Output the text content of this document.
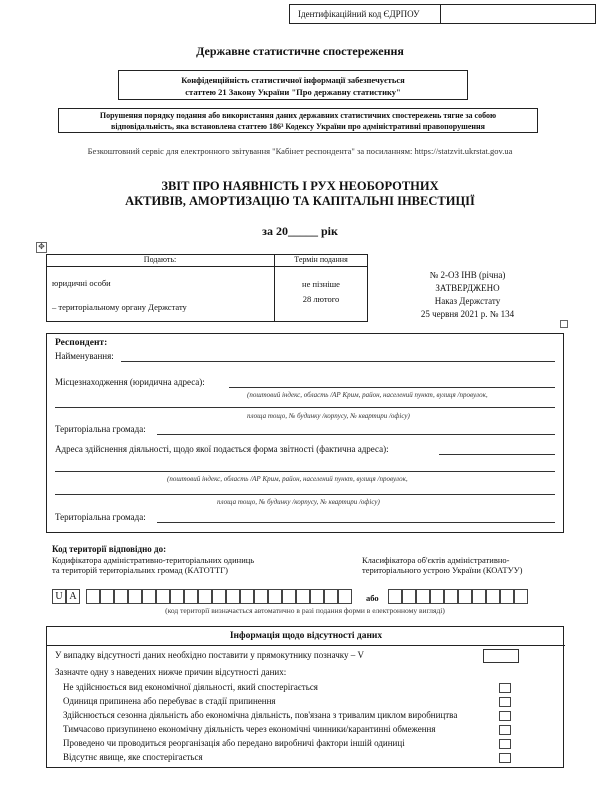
Ідентифікаційний код ЄДРПОУ
Державне статистичне спостереження
Конфіденційність статистичної інформації забезпечується
статтею 21 Закону України "Про державну статистику"
Порушення порядку подання або використання даних державних статистичних спостережень тягне за собою
відповідальність, яка встановлена статтею 186³ Кодексу України про адміністративні правопорушення
Безкоштовний сервіс для електронного звітування "Кабінет респондента" за посиланням: https://statzvit.ukrstat.gov.ua
ЗВІТ ПРО НАЯВНІСТЬ І РУХ НЕОБОРОТНИХ
АКТИВІВ, АМОРТИЗАЦІЮ ТА КАПІТАЛЬНІ ІНВЕСТИЦІЇ
за 20_____ рік
✥
Подають:	Термін подання
юридичні особи
– територіальному органу Держстату
не пізніше
28 лютого
№ 2-ОЗ ІНВ (річна)
ЗАТВЕРДЖЕНО
Наказ Держстату
25 червня 2021 р. № 134
Респондент:
Найменування:
Місцезнаходження (юридична адреса):
(поштовий індекс, область /АР Крим, район, населений пункт, вулиця /провулок,
площа тощо, № будинку /корпусу, № квартири /офісу)
Територіальна громада:
Адреса здійснення діяльності, щодо якої подається форма звітності (фактична адреса):
(поштовий індекс, область /АР Крим, район, населений пункт, вулиця /провулок,
площа тощо, № будинку /корпусу, № квартири /офісу)
Територіальна громада:
Код території відповідно до:
Кодифікатора адміністративно-територіальних одиниць
та територій територіальних громад (КАТОТТГ)
Класифікатора об'єктів адміністративно-
територіального устрою України (КОАТУУ)
U A	або
(код території визначається автоматично в разі подання форми в електронному вигляді)
Інформація щодо відсутності даних
У випадку відсутності даних необхідно поставити у прямокутнику позначку – V
Зазначте одну з наведених нижче причин відсутності даних:
Не здійснюється вид економічної діяльності, який спостерігається
Одиниця припинена або перебуває в стадії припинення
Здійснюється сезонна діяльність або економічна діяльність, пов'язана з тривалим циклом виробництва
Тимчасово призупинено економічну діяльність через економічні чинники/карантинні обмеження
Проведено чи проводиться реорганізація або передано виробничі фактори іншій одиниці
Відсутнє явище, яке спостерігається
